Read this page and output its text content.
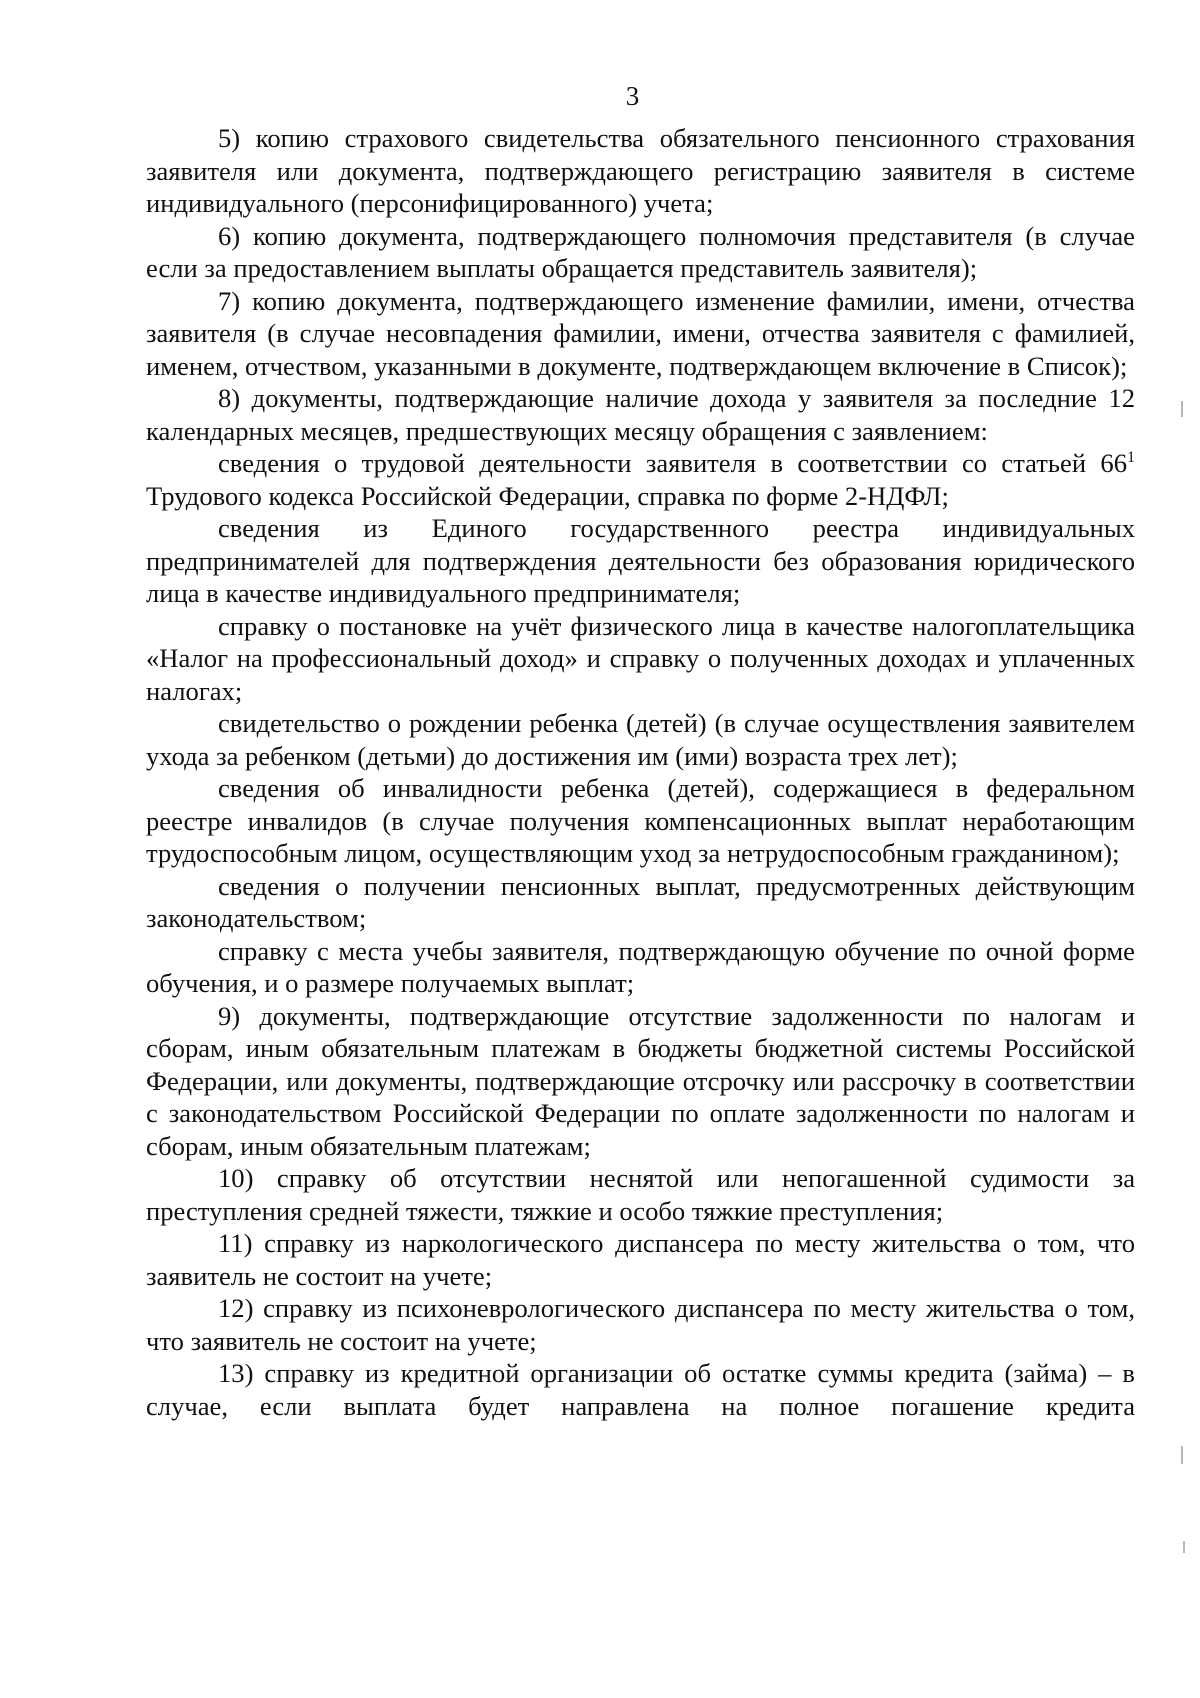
3

5) копию страхового свидетельства обязательного пенсионного страхования заявителя или документа, подтверждающего регистрацию заявителя в системе индивидуального (персонифицированного) учета;

6) копию документа, подтверждающего полномочия представителя (в случае если за предоставлением выплаты обращается представитель заявителя);

7) копию документа, подтверждающего изменение фамилии, имени, отчества заявителя (в случае несовпадения фамилии, имени, отчества заявителя с фамилией, именем, отчеством, указанными в документе, подтверждающем включение в Список);

8) документы, подтверждающие наличие дохода у заявителя за последние 12 календарных месяцев, предшествующих месяцу обращения с заявлением:

сведения о трудовой деятельности заявителя в соответствии со статьей $66^1$ Трудового кодекса Российской Федерации, справка по форме 2-НДФЛ;

сведения из Единого государственного реестра индивидуальных предпринимателей для подтверждения деятельности без образования юридического лица в качестве индивидуального предпринимателя;

справку о постановке на учёт физического лица в качестве налогоплательщика «Налог на профессиональный доход» и справку о полученных доходах и уплаченных налогах;

свидетельство о рождении ребенка (детей) (в случае осуществления заявителем ухода за ребенком (детьми) до достижения им (ими) возраста трех лет);

сведения об инвалидности ребенка (детей), содержащиеся в федеральном реестре инвалидов (в случае получения компенсационных выплат неработающим трудоспособным лицом, осуществляющим уход за нетрудоспособным гражданином);

сведения о получении пенсионных выплат, предусмотренных действующим законодательством;

справку с места учебы заявителя, подтверждающую обучение по очной форме обучения, и о размере получаемых выплат;

9) документы, подтверждающие отсутствие задолженности по налогам и сборам, иным обязательным платежам в бюджеты бюджетной системы Российской Федерации, или документы, подтверждающие отсрочку или рассрочку в соответствии с законодательством Российской Федерации по оплате задолженности по налогам и сборам, иным обязательным платежам;

10) справку об отсутствии неснятой или непогашенной судимости за преступления средней тяжести, тяжкие и особо тяжкие преступления;

11) справку из наркологического диспансера по месту жительства о том, что заявитель не состоит на учете;

12) справку из психоневрологического диспансера по месту жительства о том, что заявитель не состоит на учете;

13) справку из кредитной организации об остатке суммы кредита (займа) – в случае, если выплата будет направлена на полное погашение кредита
